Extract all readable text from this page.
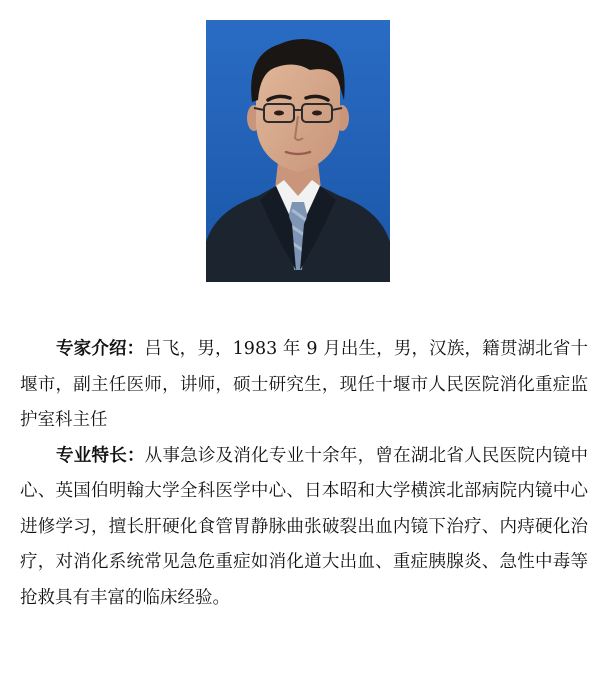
专家介绍：吕飞，男，1983 年 9 月出生，男，汉族，籍贯湖北省十堰市，副主任医师，讲师，硕士研究生，现任十堰市人民医院消化重症监护室科主任

专业特长：从事急诊及消化专业十余年，曾在湖北省人民医院内镜中心、英国伯明翰大学全科医学中心、日本昭和大学横滨北部病院内镜中心进修学习，擅长肝硬化食管胃静脉曲张破裂出血内镜下治疗、内痔硬化治疗，对消化系统常见急危重症如消化道大出血、重症胰腺炎、急性中毒等抢救具有丰富的临床经验。
